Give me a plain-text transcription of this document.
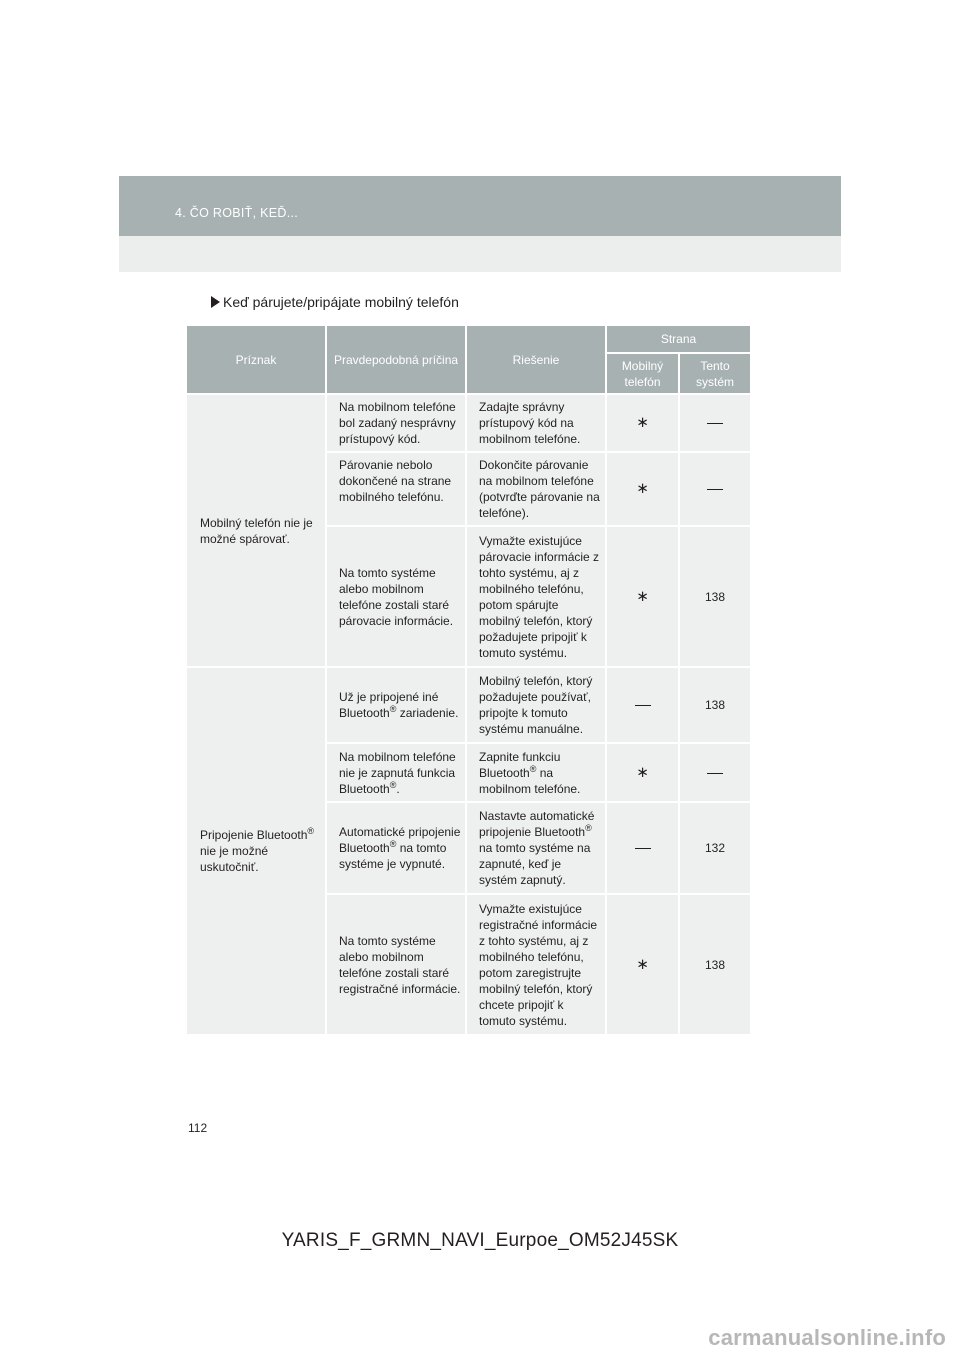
4. ČO ROBIŤ, KEĎ...
Keď párujete/pripájate mobilný telefón
Príznak	Pravdepodobná príčina	Riešenie	Strana	
			Mobilný telefón	Tento systém
Mobilný telefón nie je možné spárovať.	Na mobilnom telefóne bol zadaný nesprávny prístupový kód.	Zadajte správny prístupový kód na mobilnom telefóne.	∗	
	Párovanie nebolo dokončené na strane mobilného telefónu.	Dokončite párovanie na mobilnom telefóne (potvrďte párovanie na telefóne).	∗	
	Na tomto systéme alebo mobilnom telefóne zostali staré párovacie informácie.	Vymažte existujúce párovacie informácie z tohto systému, aj z mobilného telefónu, potom spárujte mobilný telefón, ktorý požadujete pripojiť k tomuto systému.	∗	138
Pripojenie Bluetooth® nie je možné uskutočniť.	Už je pripojené iné Bluetooth® zariadenie.	Mobilný telefón, ktorý požadujete používať, pripojte k tomuto systému manuálne.		138
	Na mobilnom telefóne nie je zapnutá funkcia Bluetooth®.	Zapnite funkciu Bluetooth® na mobilnom telefóne.	∗	
	Automatické pripojenie Bluetooth® na tomto systéme je vypnuté.	Nastavte automatické pripojenie Bluetooth® na tomto systéme na zapnuté, keď je systém zapnutý.		132
	Na tomto systéme alebo mobilnom telefóne zostali staré registračné informácie.	Vymažte existujúce registračné informácie z tohto systému, aj z mobilného telefónu, potom zaregistrujte mobilný telefón, ktorý chcete pripojiť k tomuto systému.	∗	138
112
YARIS_F_GRMN_NAVI_Eurpoe_OM52J45SK
carmanualsonline.info
